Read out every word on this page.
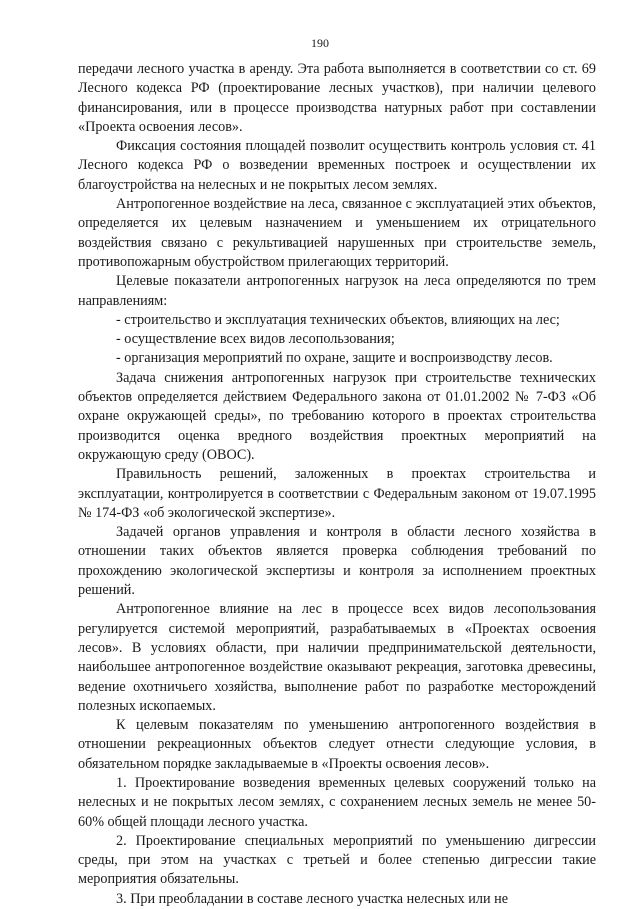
190

передачи лесного участка в аренду. Эта работа выполняется в соответствии со ст. 69 Лесного кодекса РФ (проектирование лесных участков), при наличии целевого финансирования, или в процессе производства натурных работ при составлении «Проекта освоения лесов».

Фиксация состояния площадей позволит осуществить контроль условия ст. 41 Лесного кодекса РФ о возведении временных построек и осуществлении их благоустройства на нелесных и не покрытых лесом землях.

Антропогенное воздействие на леса, связанное с эксплуатацией этих объектов, определяется их целевым назначением и уменьшением их отрицательного воздействия связано с рекультивацией нарушенных при строительстве земель, противопожарным обустройством прилегающих территорий.

Целевые показатели антропогенных нагрузок на леса определяются по трем направлениям:

- строительство и эксплуатация технических объектов, влияющих на лес;

- осуществление всех видов лесопользования;

- организация мероприятий по охране, защите и воспроизводству лесов.

Задача снижения антропогенных нагрузок при строительстве технических объектов определяется действием Федерального закона от 01.01.2002 № 7-ФЗ «Об охране окружающей среды», по требованию которого в проектах строительства производится оценка вредного воздействия проектных мероприятий на окружающую среду (ОВОС).

Правильность решений, заложенных в проектах строительства и эксплуатации, контролируется в соответствии с Федеральным законом от 19.07.1995 № 174-ФЗ «об экологической экспертизе».

Задачей органов управления и контроля в области лесного хозяйства в отношении таких объектов является проверка соблюдения требований по прохождению экологической экспертизы и контроля за исполнением проектных решений.

Антропогенное влияние на лес в процессе всех видов лесопользования регулируется системой мероприятий, разрабатываемых в «Проектах освоения лесов». В условиях области, при наличии предпринимательской деятельности, наибольшее антропогенное воздействие оказывают рекреация, заготовка древесины, ведение охотничьего хозяйства, выполнение работ по разработке месторождений полезных ископаемых.

К целевым показателям по уменьшению антропогенного воздействия в отношении рекреационных объектов следует отнести следующие условия, в обязательном порядке закладываемые в «Проекты освоения лесов».

1. Проектирование возведения временных целевых сооружений только на нелесных и не покрытых лесом землях, с сохранением лесных земель не менее 50-60% общей площади лесного участка.

2. Проектирование специальных мероприятий по уменьшению дигрессии среды, при этом на участках с третьей и более степенью дигрессии такие мероприятия обязательны.

3. При преобладании в составе лесного участка нелесных или не
